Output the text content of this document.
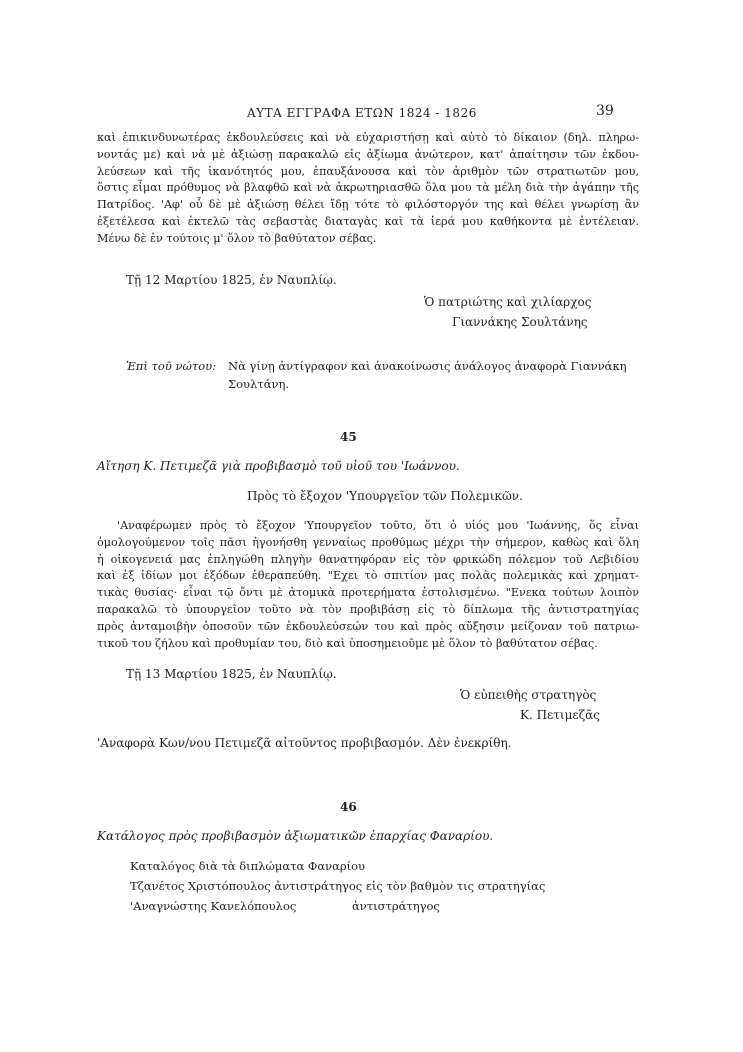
ΑΥΤΑ ΕΓΓΡΑΦΑ ΕΤΩΝ 1824 - 1826	39
καὶ ἐπικινδυνωτέρας ἐκδουλεύσεις καὶ νὰ εὐχαριστήσῃ καὶ αὐτὸ τὸ δίκαιον (δηλ. πληρω-
νοντάς με) καὶ νὰ μὲ ἀξιώσῃ παρακαλῶ εἰς ἀξίωμα ἀνώτερον, κατ' ἀπαίτησιν τῶν ἐκδου-
λεύσεων καὶ τῆς ἱκανότητός μου, ἐπαυξάνουσα καὶ τὸν ἀριθμὸν τῶν στρατιωτῶν μου,
ὅστις εἶμαι πρόθυμος νὰ βλαφθῶ καὶ νὰ ἀκρωτηριασθῶ ὅλα μου τὰ μέλη διὰ τὴν ἀγάπην τῆς
Πατρίδος. 'Αφ' οὗ δὲ μὲ ἀξιώσῃ θέλει ἴδῃ τότε τὸ φιλόστοργόν της καὶ θέλει γνωρίσῃ ἂν
ἐξετέλεσα καὶ ἐκτελῶ τὰς σεβαστὰς διαταγὰς καὶ τὰ ἱερά μου καθήκοντα μὲ ἐντέλειαν.
Μένω δὲ ἐν τούτοις μ' ὅλον τὸ βαθύτατον σέβας.
Τῇ 12 Μαρτίου 1825, ἐν Ναυπλίῳ.
Ὁ πατριώτης καὶ χιλίαρχος
Γιαννάκης Σουλτάνης
Ἐπὶ τοῦ νώτου: Νὰ γίνῃ ἀντίγραφον καὶ ἀνακοίνωσις ἀνάλογος ἀναφορὰ Γιαννάκη
Σουλτάνη.
45
Αἴτηση Κ. Πετιμεζᾶ γιὰ προβιβασμὸ τοῦ υἱοῦ του 'Ιωάννου.
Πρὸς τὸ ἔξοχον 'Υπουργεῖον τῶν Πολεμικῶν.
'Αναφέρωμεν πρὸς τὸ ἔξοχον 'Υπουργεῖον τοῦτο, ὅτι ὁ υἱός μου 'Ιωάννης, ὅς εἶναι
ὁμολογούμενον τοῖς πᾶσι ἠγονήσθη γενναίως προθύμως μέχρι τὴν σήμερον, καθὼς καὶ ὅλη
ἡ οἰκογενειά μας ἐπληγώθη πληγὴν θανατηφόραν εἰς τὸν φρικώδη πόλεμον τοῦ Λεβιδίου
καὶ ἐξ ἰδίων μοι ἐξόδων ἐθεραπεύθη. "Εχει τὸ σπιτίον μας πολὰς πολεμικὰς καὶ χρηματ-
τικὰς θυσίας· εἶναι τῷ ὄντι μὲ ἀτομικὰ προτερήματα ἐστολισμένω. "Ενεκα τούτων λοιπὸν
παρακαλῶ τὸ ὑπουργεῖον τοῦτο νὰ τὸν προβιβάσῃ εἰς τὸ δίπλωμα τῆς ἀντιστρατηγίας
πρὸς ἀνταμοιβὴν ὁποσοῦν τῶν ἐκδουλεύσεών του καὶ πρὸς αὔξησιν μείζοναν τοῦ πατριω-
τικοῦ του ζήλου καὶ προθυμίαν του, διὸ καὶ ὑποσημειοῦμε μὲ ὅλον τὸ βαθύτατον σέβας.
Τῇ 13 Μαρτίου 1825, ἐν Ναυπλίῳ.
Ὁ εὐπειθὴς στρατηγὸς
Κ. Πετιμεζᾶς
'Αναφορὰ Κων/νου Πετιμεζᾶ αἰτοῦντος προβιβασμόν. Δὲν ἐνεκρίθη.
46
Κατάλογος πρὸς προβιβασμὸν ἀξιωματικῶν ἐπαρχίας Φαναρίου.
Καταλόγος διὰ τὰ διπλώματα Φαναρίου
Τζανέτος Χριστόπουλος ἀντιστράτηγος εἰς τὸν βαθμὸν τις στρατηγίας
'Αναγνώστης Κανελόπουλος	ἀντιστράτηγος
